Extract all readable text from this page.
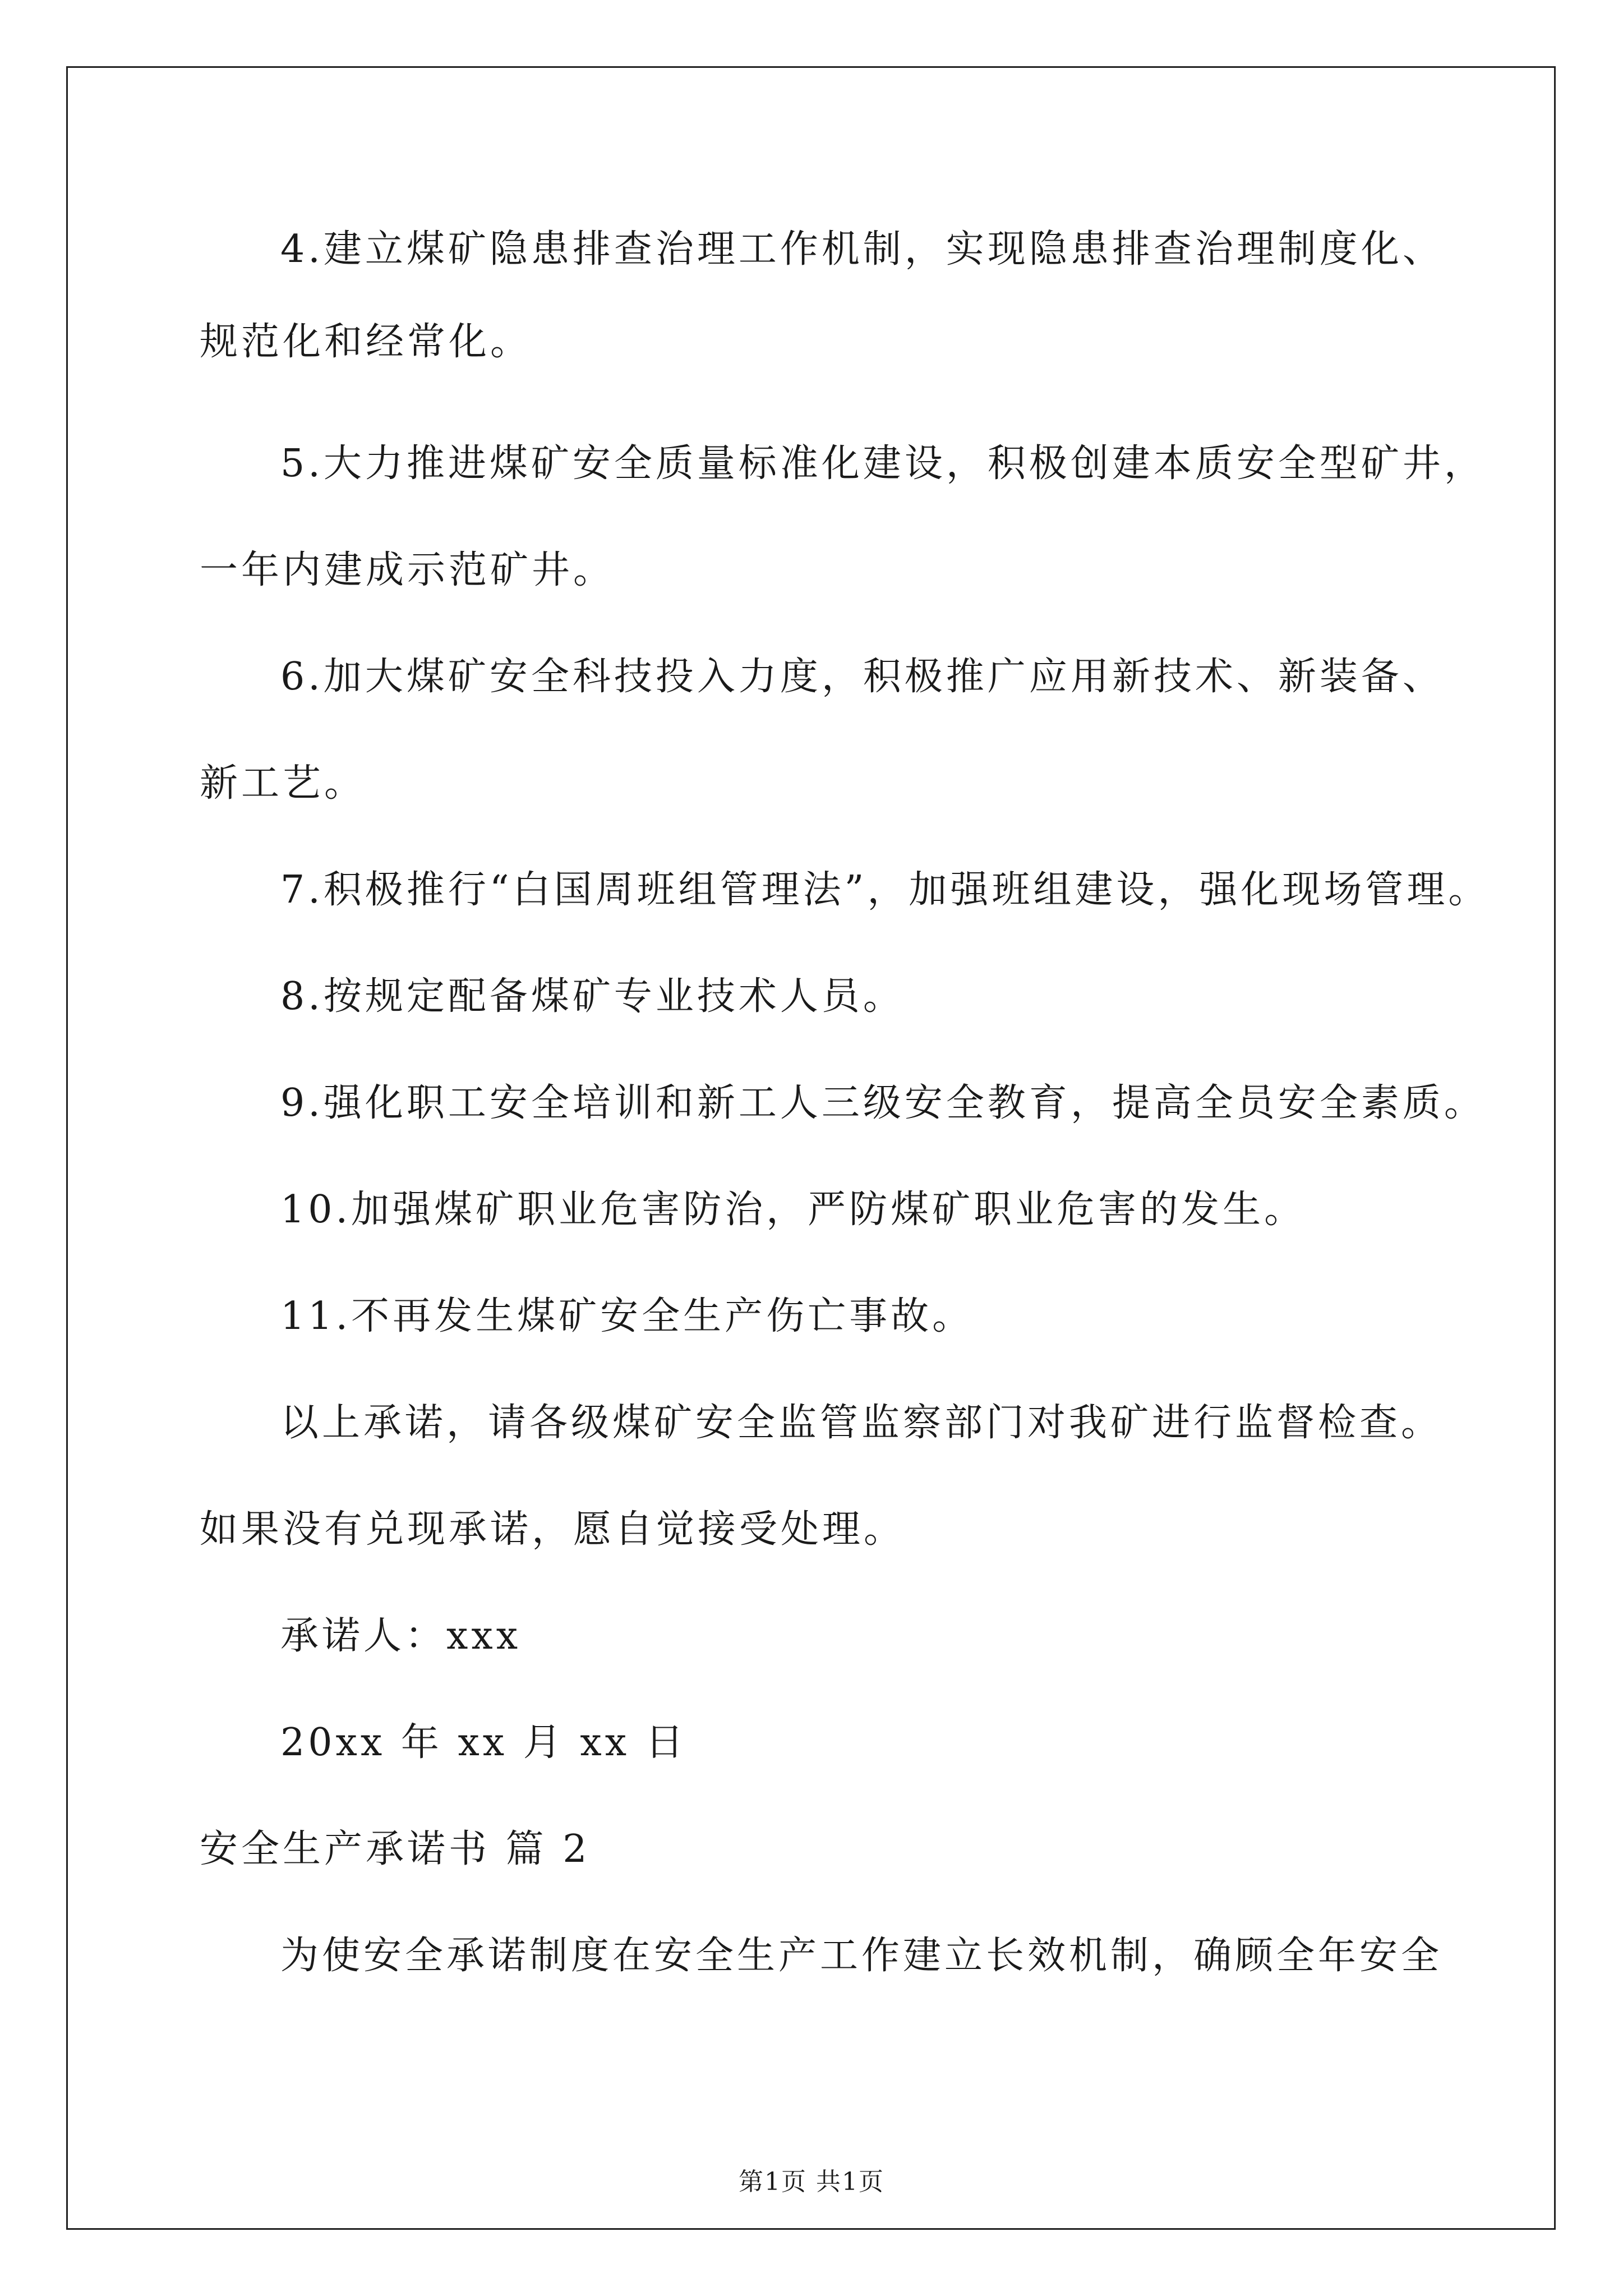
4.建立煤矿隐患排查治理工作机制，实现隐患排查治理制度化、
规范化和经常化。
5.大力推进煤矿安全质量标准化建设，积极创建本质安全型矿井，
一年内建成示范矿井。
6.加大煤矿安全科技投入力度，积极推广应用新技术、新装备、
新工艺。
7.积极推行“白国周班组管理法”，加强班组建设，强化现场管理。
8.按规定配备煤矿专业技术人员。
9.强化职工安全培训和新工人三级安全教育，提高全员安全素质。
10.加强煤矿职业危害防治，严防煤矿职业危害的发生。
11.不再发生煤矿安全生产伤亡事故。
以上承诺，请各级煤矿安全监管监察部门对我矿进行监督检查。
如果没有兑现承诺，愿自觉接受处理。
承诺人：xxx
20xx 年 xx 月 xx 日
安全生产承诺书 篇 2
为使安全承诺制度在安全生产工作建立长效机制，确顾全年安全
第1页 共1页
